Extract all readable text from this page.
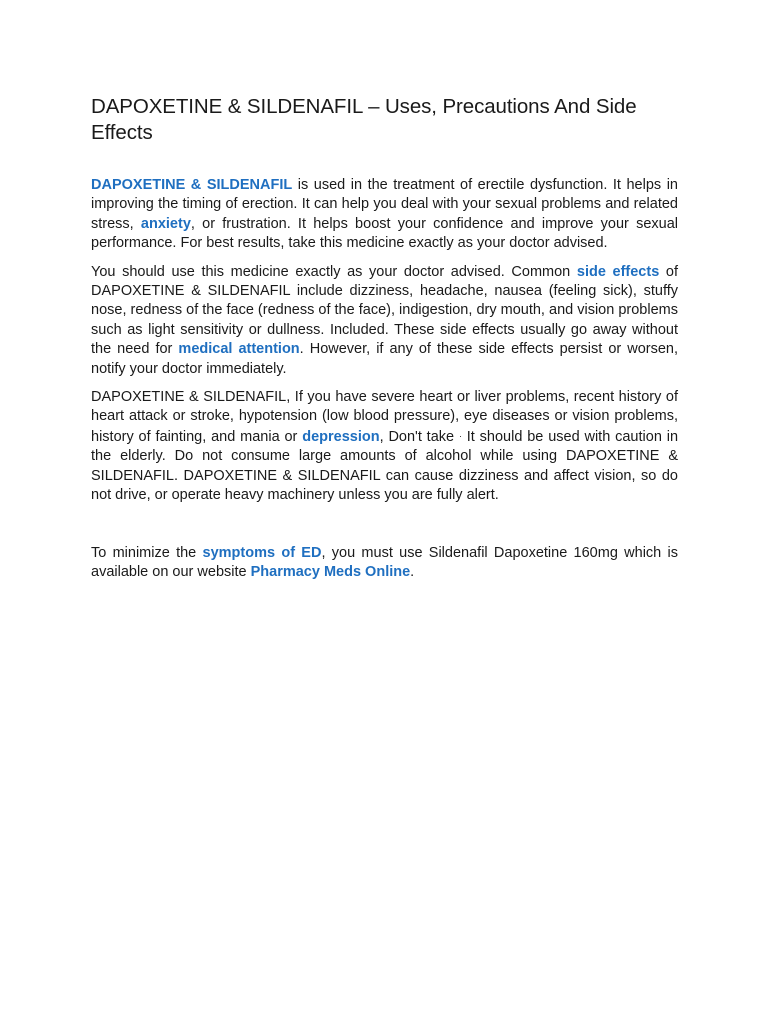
DAPOXETINE & SILDENAFIL – Uses, Precautions And Side Effects

DAPOXETINE & SILDENAFIL is used in the treatment of erectile dysfunction. It helps in improving the timing of erection. It can help you deal with your sexual problems and related stress, anxiety, or frustration. It helps boost your confidence and improve your sexual performance. For best results, take this medicine exactly as your doctor advised.

You should use this medicine exactly as your doctor advised. Common side effects of DAPOXETINE & SILDENAFIL include dizziness, headache, nausea (feeling sick), stuffy nose, redness of the face (redness of the face), indigestion, dry mouth, and vision problems such as light sensitivity or dullness. Included. These side effects usually go away without the need for medical attention. However, if any of these side effects persist or worsen, notify your doctor immediately.

DAPOXETINE & SILDENAFIL, If you have severe heart or liver problems, recent history of heart attack or stroke, hypotension (low blood pressure), eye diseases or vision problems, history of fainting, and mania or depression, Don't take · It should be used with caution in the elderly. Do not consume large amounts of alcohol while using DAPOXETINE & SILDENAFIL. DAPOXETINE & SILDENAFIL can cause dizziness and affect vision, so do not drive, or operate heavy machinery unless you are fully alert.

To minimize the symptoms of ED, you must use Sildenafil Dapoxetine 160mg which is available on our website Pharmacy Meds Online.
